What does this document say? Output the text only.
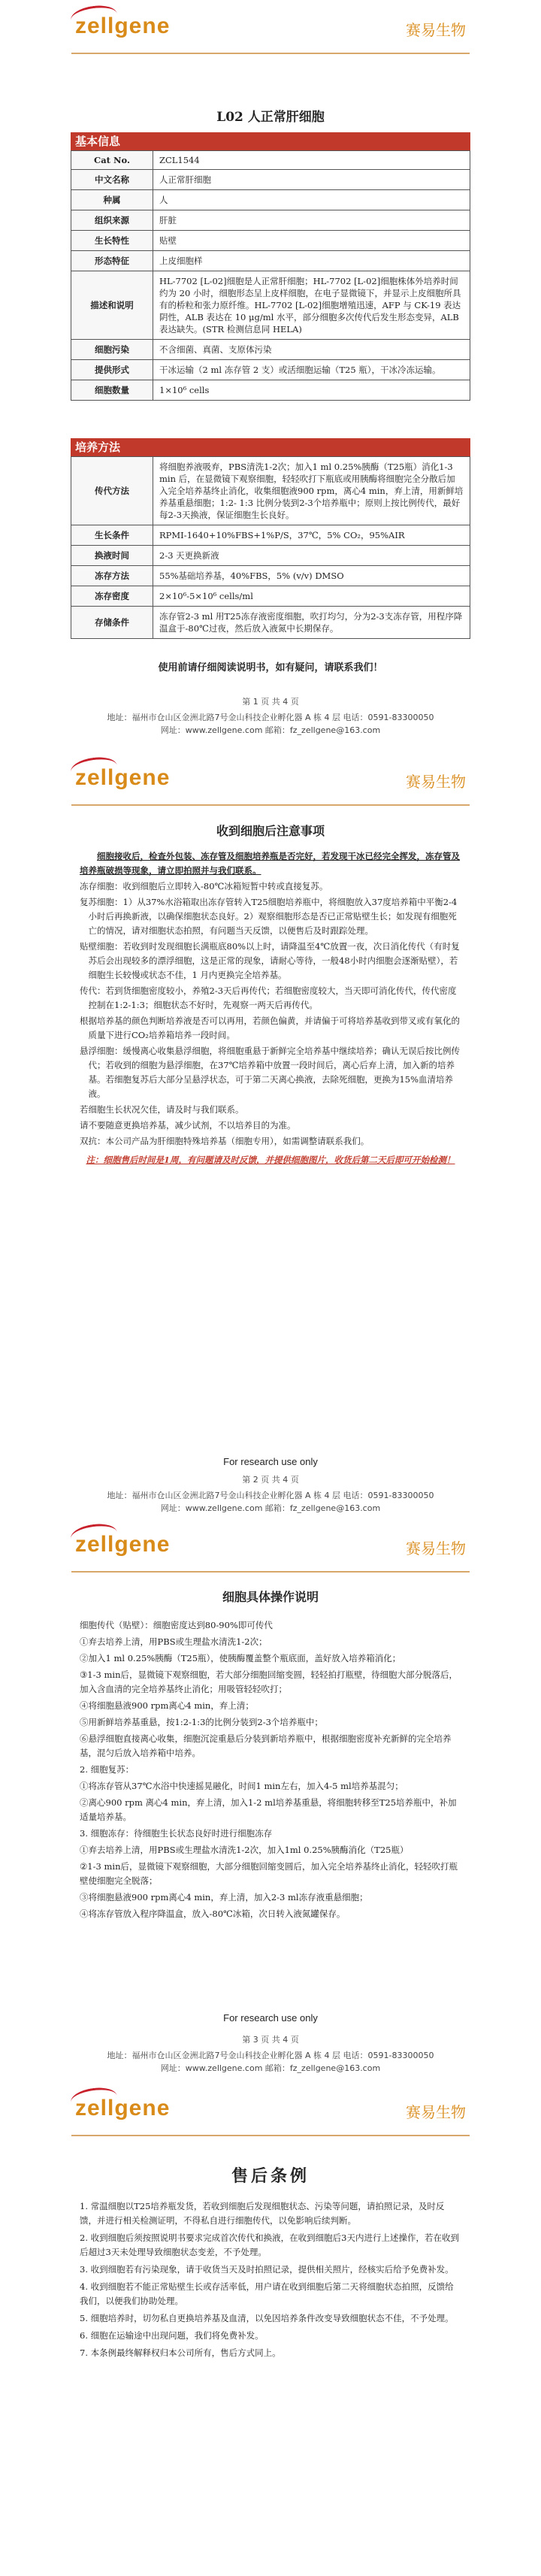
zellgene	赛易生物
L02 人正常肝细胞
基本信息
Cat No.	ZCL1544
中文名称	人正常肝细胞
种属	人
组织来源	肝脏
生长特性	贴壁
形态特征	上皮细胞样
描述和说明	HL-7702 [L-02]细胞是人正常肝细胞；HL-7702 [L-02]细胞株体外培养时间约为 20 小时，细胞形态呈上皮样细胞，在电子显微镜下，并显示上皮细胞所具有的桥粒和张力原纤维。HL-7702 [L-02]细胞增殖迅速，AFP 与 CK-19 表达阴性，ALB 表达在 10 μg/ml 水平，部分细胞多次传代后发生形态变异，ALB 表达缺失。(STR 检测信息同 HELA)
细胞污染	不含细菌、真菌、支原体污染
提供形式	干冰运输（2 ml 冻存管 2 支）或活细胞运输（T25 瓶），干冰冷冻运输。
细胞数量	1×10⁶ cells
培养方法
传代方法	将细胞养液吸弃，PBS清洗1-2次；加入1 ml 0.25%胰酶（T25瓶）消化1-3 min 后，在显微镜下观察细胞，轻轻吹打下瓶底或用胰酶将细胞完全分散后加入完全培养基终止消化，收集细胞液900 rpm，离心4 min，弃上清，用新鲜培养基重悬细胞；1:2- 1:3 比例分装到2-3个培养瓶中；原则上按比例传代，最好每2-3天换液，保证细胞生长良好。
生长条件	RPMI-1640+10%FBS+1%P/S，37℃，5% CO₂，95%AIR
换液时间	2-3 天更换新液
冻存方法	55%基础培养基，40%FBS，5% (v/v) DMSO
冻存密度	2×10⁶-5×10⁶ cells/ml
存储条件	冻存管2-3 ml 用T25冻存液密度细胞，吹打均匀，分为2-3支冻存管，用程序降温盒于-80℃过夜，然后放入液氮中长期保存。
使用前请仔细阅读说明书，如有疑问，请联系我们！
第 1 页 共 4 页
地址：福州市仓山区金洲北路7号金山科技企业孵化器 A 栋 4 层 电话：0591-83300050
网址：www.zellgene.com 邮箱：fz_zellgene@163.com
zellgene	赛易生物
收到细胞后注意事项

细胞接收后，检查外包装、冻存管及细胞培养瓶是否完好，若发现干冰已经完全挥发，冻存管及培养瓶破损等现象，请立即拍照并与我们联系。

冻存细胞：收到细胞后立即转入-80℃冰箱短暂中转或直接复苏。

复苏细胞：1）从37%水浴箱取出冻存管转入T25细胞培养瓶中，将细胞放入37度培养箱中平衡2-4小时后再换新液，以确保细胞状态良好。2）观察细胞形态是否已正常贴壁生长；如发现有细胞死亡的情况，请对细胞状态拍照，有问题当天反馈，以便售后及时跟踪处理。

贴壁细胞：若收到时发现细胞长满瓶底80%以上时，请降温至4℃放置一夜，次日消化传代（有时复苏后会出现较多的漂浮细胞，这是正常的现象，请耐心等待，一般48小时内细胞会逐渐贴壁），若细胞生长较慢或状态不佳，1 月内更换完全培养基。

传代：若到货细胞密度较小，养殖2-3天后再传代；若细胞密度较大，当天即可消化传代，传代密度控制在1:2-1:3；细胞状态不好时，先观察一两天后再传代。

根据培养基的颜色判断培养液是否可以再用，若颜色偏黄，并请偏于可将培养基收到带叉或有氧化的质量下进行CO₂培养箱培养一段时间。

悬浮细胞：缓慢离心收集悬浮细胞，将细胞重悬于新鲜完全培养基中继续培养；确认无误后按比例传代；若收到的细胞为悬浮细胞，在37℃培养箱中放置一段时间后，离心后弃上清，加入新的培养基。若细胞复苏后大部分呈悬浮状态，可于第二天离心换液，去除死细胞，更换为15%血清培养液。

若细胞生长状况欠佳，请及时与我们联系。

请不要随意更换培养基，减少试剂，不以培养目的为准。

双抗：本公司产品为肝细胞特殊培养基（细胞专用），如需调整请联系我们。

注：细胞售后时间是1周，有问题请及时反馈，并提供细胞图片，收货后第二天后即可开始检测！

For research use only
第 2 页 共 4 页
地址：福州市仓山区金洲北路7号金山科技企业孵化器 A 栋 4 层 电话：0591-83300050
网址：www.zellgene.com 邮箱：fz_zellgene@163.com
zellgene	赛易生物
细胞具体操作说明

细胞传代（贴壁）：细胞密度达到80-90%即可传代

①弃去培养上清，用PBS或生理盐水清洗1-2次；

②加入1 ml 0.25%胰酶（T25瓶），使胰酶覆盖整个瓶底面，盖好放入培养箱消化；

③1-3 min后，显微镜下观察细胞，若大部分细胞回缩变圆，轻轻拍打瓶壁，待细胞大部分脱落后，加入含血清的完全培养基终止消化；用吸管轻轻吹打；

④将细胞悬液900 rpm离心4 min，弃上清；

⑤用新鲜培养基重悬，按1:2-1:3的比例分装到2-3个培养瓶中；

⑥悬浮细胞直接离心收集，细胞沉淀重悬后分装到新培养瓶中，根据细胞密度补充新鲜的完全培养基，混匀后放入培养箱中培养。

2. 细胞复苏：

①将冻存管从37℃水浴中快速摇晃融化，时间1 min左右，加入4-5 ml培养基混匀；

②离心900 rpm 离心4 min，弃上清，加入1-2 ml培养基重悬，将细胞转移至T25培养瓶中，补加适量培养基。

3. 细胞冻存：待细胞生长状态良好时进行细胞冻存

①弃去培养上清，用PBS或生理盐水清洗1-2次，加入1ml 0.25%胰酶消化（T25瓶）

②1-3 min后，显微镜下观察细胞，大部分细胞回缩变圆后，加入完全培养基终止消化，轻轻吹打瓶壁使细胞完全脱落；

③将细胞悬液900 rpm离心4 min，弃上清，加入2-3 ml冻存液重悬细胞；

④将冻存管放入程序降温盒，放入-80℃冰箱，次日转入液氮罐保存。

For research use only
第 3 页 共 4 页
地址：福州市仓山区金洲北路7号金山科技企业孵化器 A 栋 4 层 电话：0591-83300050
网址：www.zellgene.com 邮箱：fz_zellgene@163.com
zellgene	赛易生物
售后条例

1. 常温细胞以T25培养瓶发货，若收到细胞后发现细胞状态、污染等问题，请拍照记录，及时反馈，并进行相关检测证明，不得私自进行细胞传代，以免影响后续判断。

2. 收到细胞后须按照说明书要求完成首次传代和换液，在收到细胞后3天内进行上述操作，若在收到后超过3天未处理导致细胞状态变差，不予处理。

3. 收到细胞若有污染现象，请于收货当天及时拍照记录，提供相关照片，经核实后给予免费补发。

4. 收到细胞若不能正常贴壁生长或存活率低，用户请在收到细胞后第二天将细胞状态拍照，反馈给我们，以便我们协助处理。

5. 细胞培养时，切勿私自更换培养基及血清，以免因培养条件改变导致细胞状态不佳，不予处理。

6. 细胞在运输途中出现问题，我们将免费补发。

7. 本条例最终解释权归本公司所有，售后方式同上。
